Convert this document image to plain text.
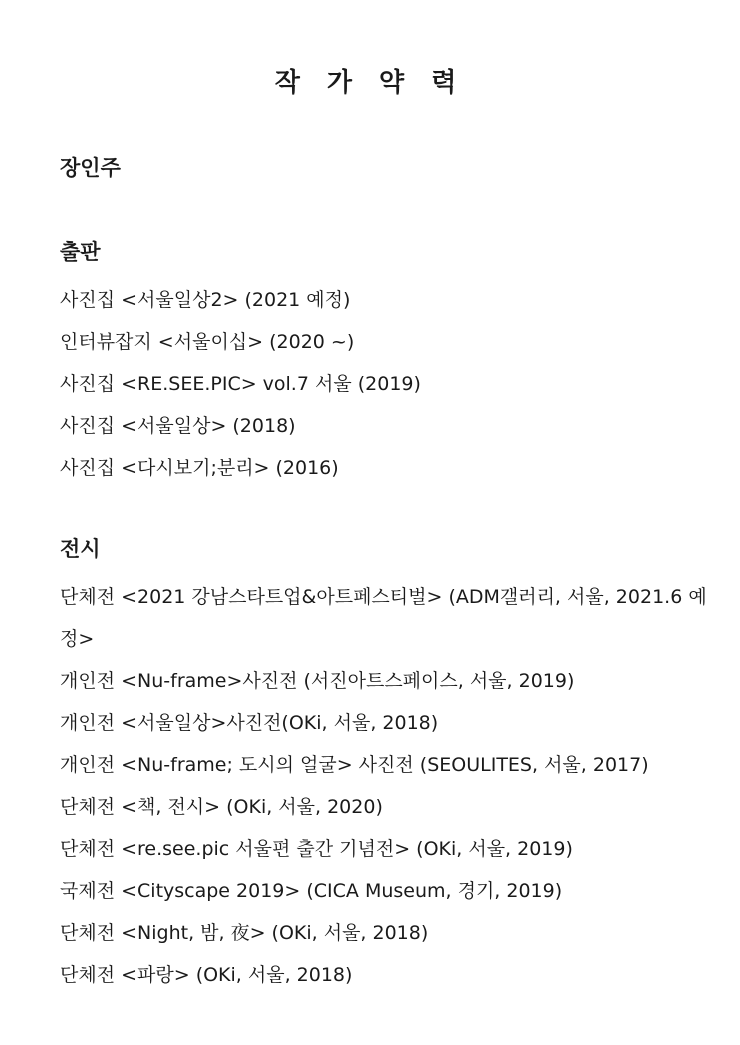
작 가 약 력
장인주
출판
사진집 <서울일상2> (2021 예정)
인터뷰잡지 <서울이십> (2020 ~)
사진집 <RE.SEE.PIC> vol.7 서울 (2019)
사진집 <서울일상> (2018)
사진집 <다시보기;분리> (2016)
전시
단체전 <2021 강남스타트업&아트페스티벌> (ADM갤러리, 서울, 2021.6 예정>
개인전 <Nu-frame>사진전 (서진아트스페이스, 서울, 2019)
개인전 <서울일상>사진전(OKi, 서울, 2018)
개인전 <Nu-frame; 도시의 얼굴> 사진전 (SEOULITES, 서울, 2017)
단체전 <책, 전시> (OKi, 서울, 2020)
단체전 <re.see.pic 서울편 출간 기념전> (OKi, 서울, 2019)
국제전 <Cityscape 2019> (CICA Museum, 경기, 2019)
단체전 <Night, 밤, 夜> (OKi, 서울, 2018)
단체전 <파랑> (OKi, 서울, 2018)
